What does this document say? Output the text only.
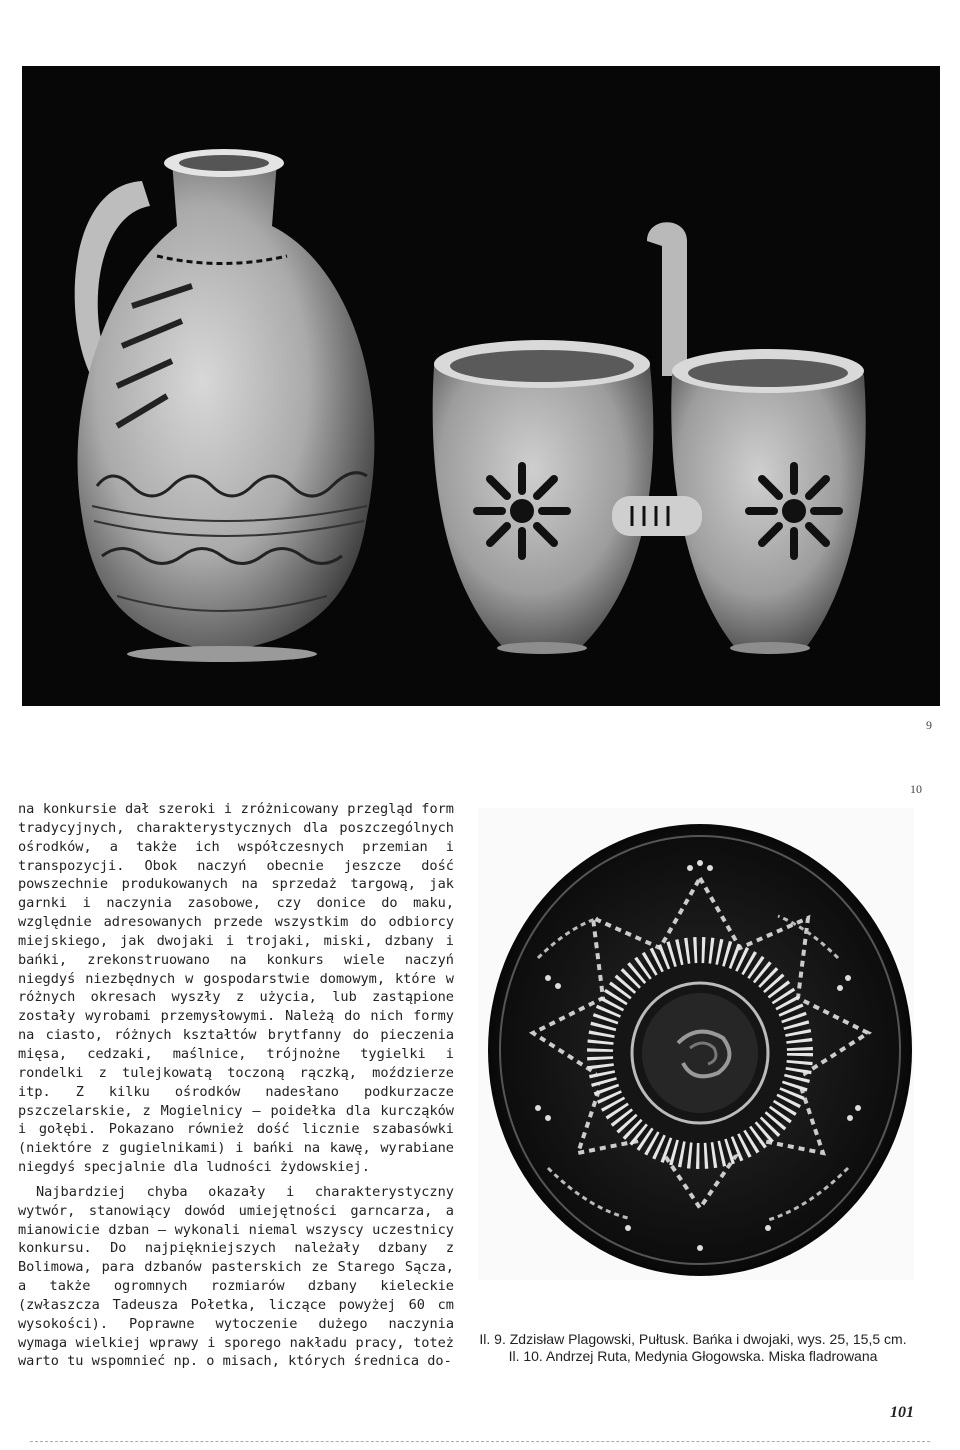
9
10

na konkursie dał szeroki i zróżnicowany przegląd form tradycyjnych, charakterystycznych dla poszczególnych ośrodków, a także ich współczesnych przemian i transpozycji. Obok naczyń obecnie jeszcze dość powszechnie produkowanych na sprzedaż targową, jak garnki i naczynia zasobowe, czy donice do maku, względnie adresowanych przede wszystkim do odbiorcy miejskiego, jak dwojaki i trojaki, miski, dzbany i bańki, zrekonstruowano na konkurs wiele naczyń niegdyś niezbędnych w gospodarstwie domowym, które w różnych okresach wyszły z użycia, lub zastąpione zostały wyrobami przemysłowymi. Należą do nich formy na ciasto, różnych kształtów brytfanny do pieczenia mięsa, cedzaki, maślnice, trójnożne tygielki i rondelki z tulejkowatą toczoną rączką, moździerze itp. Z kilku ośrodków nadesłano podkurzacze pszczelarskie, z Mogielnicy — poidełka dla kurcząków i gołębi. Pokazano również dość licznie szabasówki (niektóre z gugielnikami) i bańki na kawę, wyrabiane niegdyś specjalnie dla ludności żydowskiej.

Najbardziej chyba okazały i charakterystyczny wytwór, stanowiący dowód umiejętności garncarza, a mianowicie dzban — wykonali niemal wszyscy uczestnicy konkursu. Do najpiękniejszych należały dzbany z Bolimowa, para dzbanów pasterskich ze Starego Sącza, a także ogromnych rozmiarów dzbany kieleckie (zwłaszcza Tadeusza Połetka, liczące powyżej 60 cm wysokości). Poprawne wytoczenie dużego naczynia wymaga wielkiej wprawy i sporego nakładu pracy, toteż warto tu wspomnieć np. o misach, których średnica do-

Il. 9. Zdzisław Plagowski, Pułtusk. Bańka i dwojaki, wys. 25, 15,5 cm. Il. 10. Andrzej Ruta, Medynia Głogowska. Miska fladrowana
101
